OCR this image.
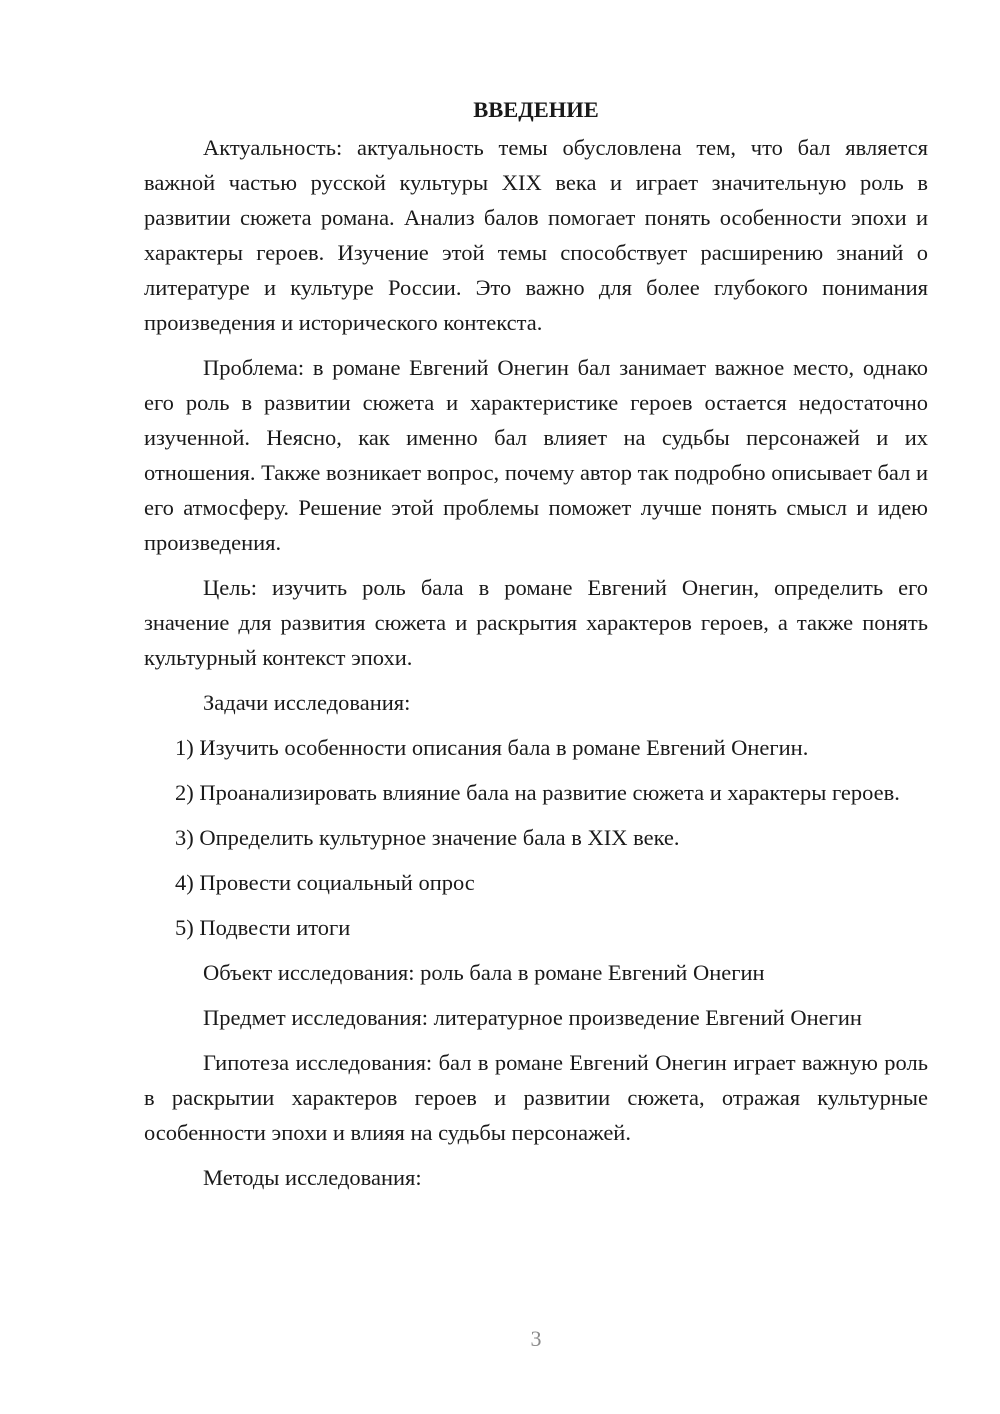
ВВЕДЕНИЕ

Актуальность: актуальность темы обусловлена тем, что бал является важной частью русской культуры XIX века и играет значительную роль в развитии сюжета романа. Анализ балов помогает понять особенности эпохи и характеры героев. Изучение этой темы способствует расширению знаний о литературе и культуре России. Это важно для более глубокого понимания произведения и исторического контекста.

Проблема: в романе Евгений Онегин бал занимает важное место, однако его роль в развитии сюжета и характеристике героев остается недостаточно изученной. Неясно, как именно бал влияет на судьбы персонажей и их отношения. Также возникает вопрос, почему автор так подробно описывает бал и его атмосферу. Решение этой проблемы поможет лучше понять смысл и идею произведения.

Цель: изучить роль бала в романе Евгений Онегин, определить его значение для развития сюжета и раскрытия характеров героев, а также понять культурный контекст эпохи.

Задачи исследования:

1) Изучить особенности описания бала в романе Евгений Онегин.

2) Проанализировать влияние бала на развитие сюжета и характеры героев.

3) Определить культурное значение бала в XIX веке.

4) Провести социальный опрос

5) Подвести итоги

Объект исследования: роль бала в романе Евгений Онегин

Предмет исследования: литературное произведение Евгений Онегин

Гипотеза исследования: бал в романе Евгений Онегин играет важную роль в раскрытии характеров героев и развитии сюжета, отражая культурные особенности эпохи и влияя на судьбы персонажей.

Методы исследования:

3
